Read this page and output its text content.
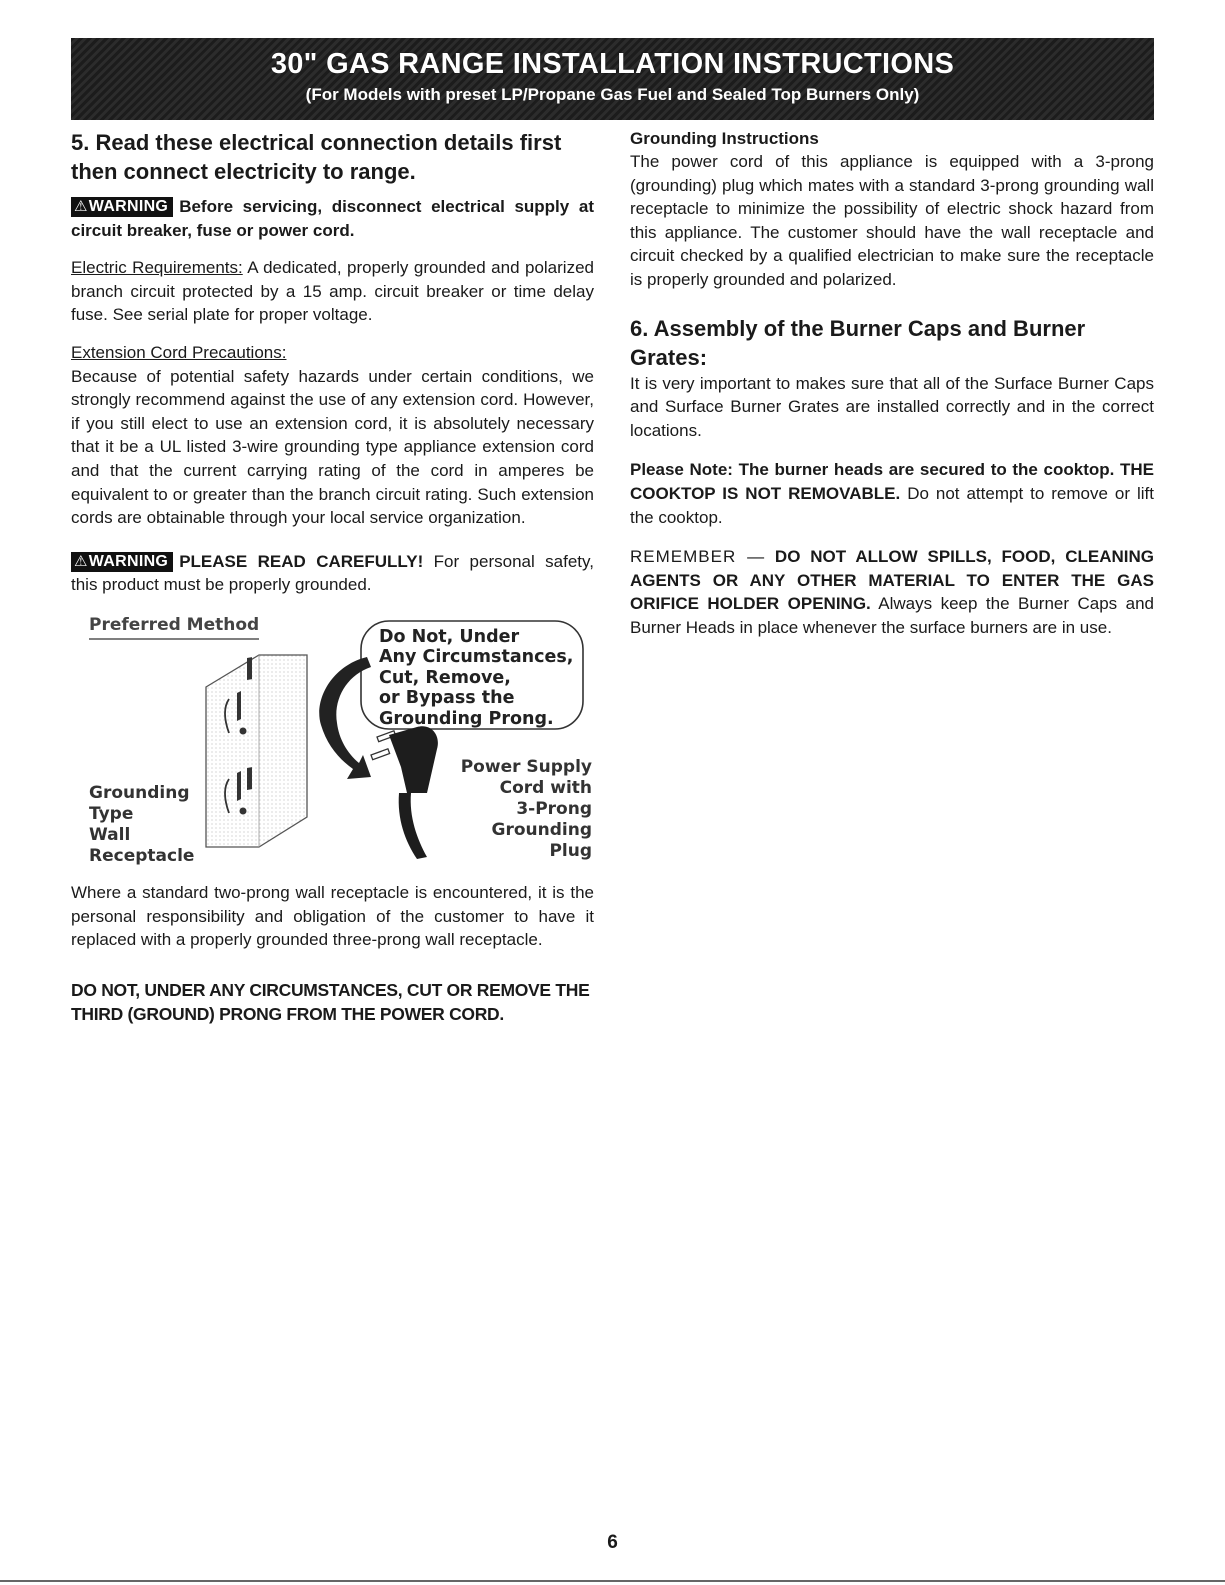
30" GAS RANGE INSTALLATION INSTRUCTIONS
(For Models with preset LP/Propane Gas Fuel and Sealed Top Burners Only)
5. Read these electrical connection details first then connect electricity to range.

⚠WARNING Before servicing, disconnect electrical supply at circuit breaker, fuse or power cord.

Electric Requirements: A dedicated, properly grounded and polarized branch circuit protected by a 15 amp. circuit breaker or time delay fuse. See serial plate for proper voltage.

Extension Cord Precautions:

Because of potential safety hazards under certain conditions, we strongly recommend against the use of any extension cord. However, if you still elect to use an extension cord, it is absolutely necessary that it be a UL listed 3-wire grounding type appliance extension cord and that the current carrying rating of the cord in amperes be equivalent to or greater than the branch circuit rating. Such extension cords are obtainable through your local service organization.

⚠WARNING PLEASE READ CAREFULLY! For personal safety, this product must be properly grounded.

Preferred Method
Do Not, Under
Any Circumstances,
Cut, Remove,
or Bypass the
Grounding Prong.
Grounding
Type
Wall
Receptacle
Power Supply
Cord with
3-Prong
Grounding
Plug

Where a standard two-prong wall receptacle is encountered, it is the personal responsibility and obligation of the customer to have it replaced with a properly grounded three-prong wall receptacle.

DO NOT, UNDER ANY CIRCUMSTANCES, CUT OR REMOVE THE THIRD (GROUND) PRONG FROM THE POWER CORD.

Grounding Instructions

The power cord of this appliance is equipped with a 3-prong (grounding) plug which mates with a standard 3-prong grounding wall receptacle to minimize the possibility of electric shock hazard from this appliance. The customer should have the wall receptacle and circuit checked by a qualified electrician to make sure the receptacle is properly grounded and polarized.

6. Assembly of the Burner Caps and Burner Grates:

It is very important to makes sure that all of the Surface Burner Caps and Surface Burner Grates are installed correctly and in the correct locations.

Please Note: The burner heads are secured to the cooktop. THE COOKTOP IS NOT REMOVABLE. Do not attempt to remove or lift the cooktop.

REMEMBER — DO NOT ALLOW SPILLS, FOOD, CLEANING AGENTS OR ANY OTHER MATERIAL TO ENTER THE GAS ORIFICE HOLDER OPENING. Always keep the Burner Caps and Burner Heads in place whenever the surface burners are in use.

6
